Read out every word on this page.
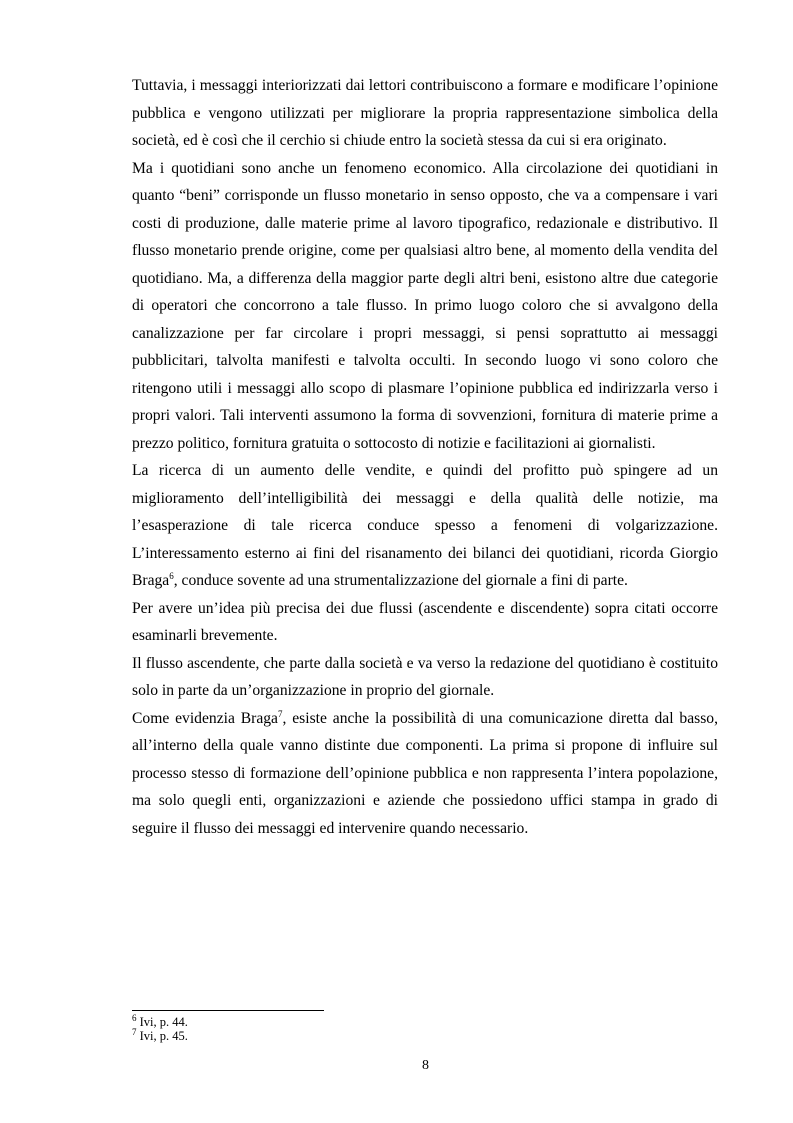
Tuttavia, i messaggi interiorizzati dai lettori contribuiscono a formare e modificare l’opinione pubblica e vengono utilizzati per migliorare la propria rappresentazione simbolica della società, ed è così che il cerchio si chiude entro la società stessa da cui si era originato.

Ma i quotidiani sono anche un fenomeno economico. Alla circolazione dei quotidiani in quanto “beni” corrisponde un flusso monetario in senso opposto, che va a compensare i vari costi di produzione, dalle materie prime al lavoro tipografico, redazionale e distributivo. Il flusso monetario prende origine, come per qualsiasi altro bene, al momento della vendita del quotidiano. Ma, a differenza della maggior parte degli altri beni, esistono altre due categorie di operatori che concorrono a tale flusso. In primo luogo coloro che si avvalgono della canalizzazione per far circolare i propri messaggi, si pensi soprattutto ai messaggi pubblicitari, talvolta manifesti e talvolta occulti. In secondo luogo vi sono coloro che ritengono utili i messaggi allo scopo di plasmare l’opinione pubblica ed indirizzarla verso i propri valori. Tali interventi assumono la forma di sovvenzioni, fornitura di materie prime a prezzo politico, fornitura gratuita o sottocosto di notizie e facilitazioni ai giornalisti.

La ricerca di un aumento delle vendite, e quindi del profitto può spingere ad un miglioramento dell’intelligibilità dei messaggi e della qualità delle notizie, ma l’esasperazione di tale ricerca conduce spesso a fenomeni di volgarizzazione. L’interessamento esterno ai fini del risanamento dei bilanci dei quotidiani, ricorda Giorgio Braga$^6$, conduce sovente ad una strumentalizzazione del giornale a fini di parte.

Per avere un’idea più precisa dei due flussi (ascendente e discendente) sopra citati occorre esaminarli brevemente.

Il flusso ascendente, che parte dalla società e va verso la redazione del quotidiano è costituito solo in parte da un’organizzazione in proprio del giornale.

Come evidenzia Braga$^7$, esiste anche la possibilità di una comunicazione diretta dal basso, all’interno della quale vanno distinte due componenti. La prima si propone di influire sul processo stesso di formazione dell’opinione pubblica e non rappresenta l’intera popolazione, ma solo quegli enti, organizzazioni e aziende che possiedono uffici stampa in grado di seguire il flusso dei messaggi ed intervenire quando necessario.

$^6$ Ivi, p. 44.

$^7$ Ivi, p. 45.

8
